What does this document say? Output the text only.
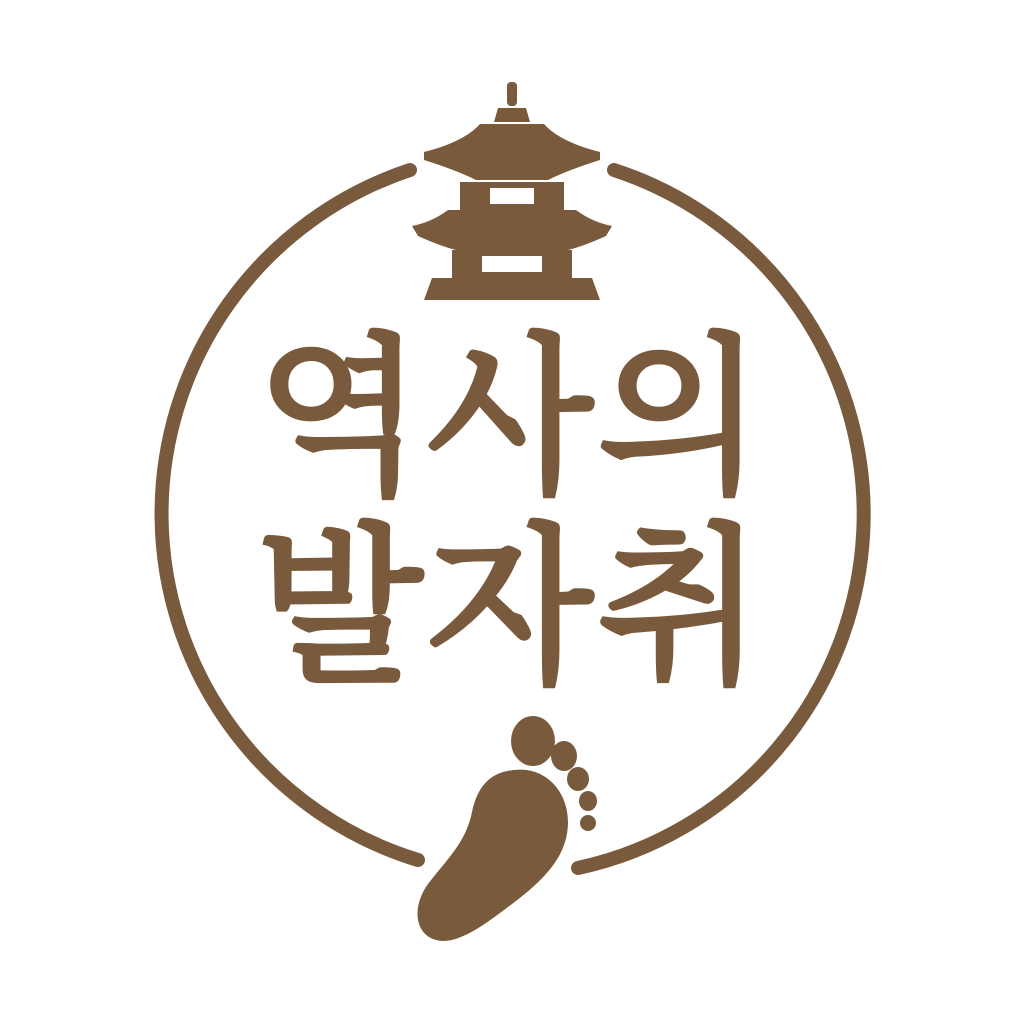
역사의
발자취
